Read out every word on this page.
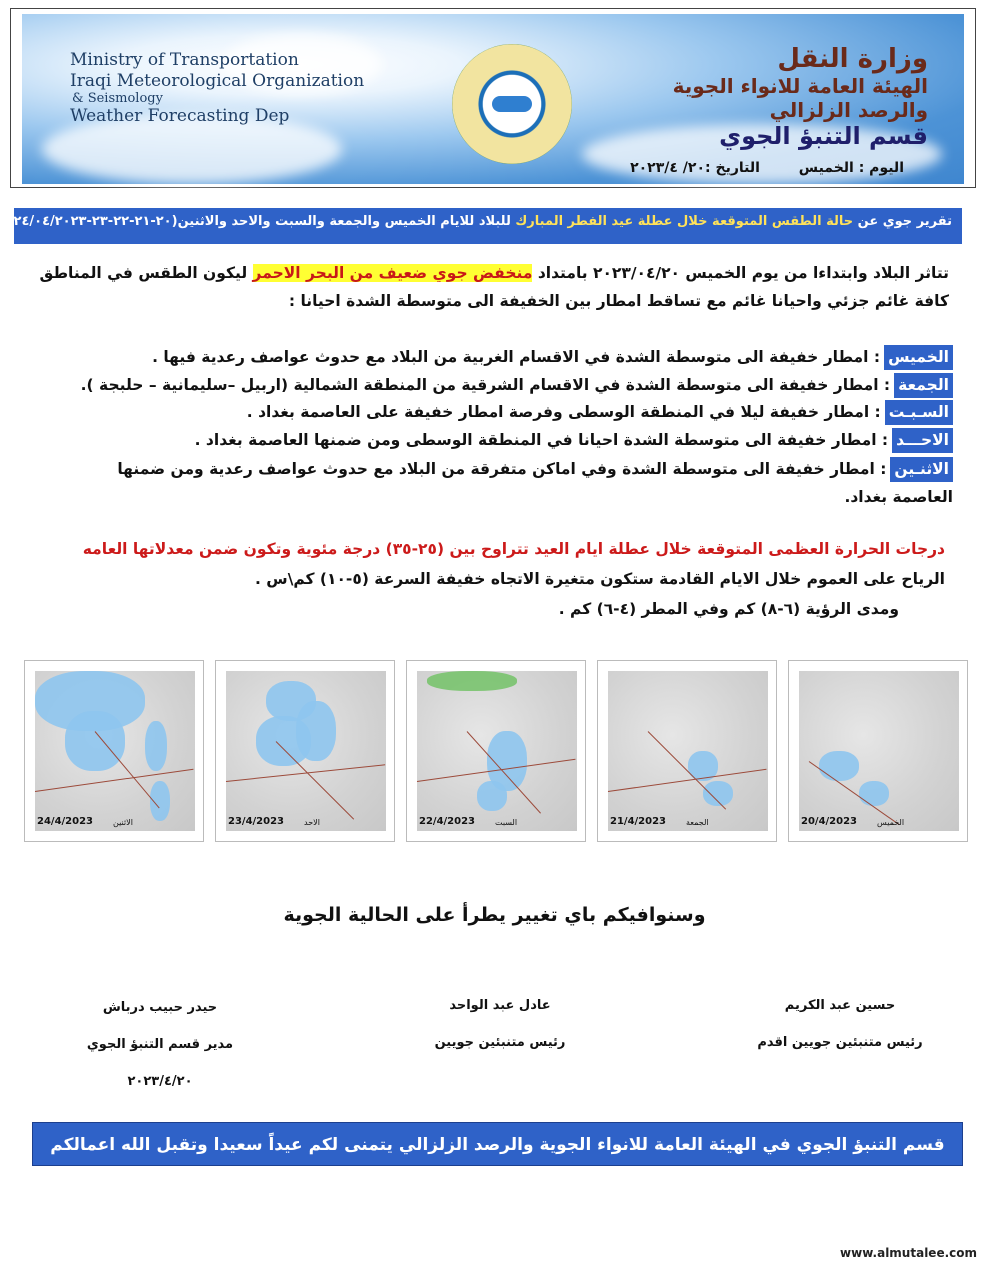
Ministry of Transportation
Iraqi Meteorological Organization
& Seismology
Weather Forecasting Dep
وزارة النقل
الهيئة العامة للانواء الجوية
والرصد الزلزالي
قسم التنبؤ الجوي
اليوم : الخميس التاريخ :٢٠/ ٢٠٢٣/٤
تقرير جوي عن حالة الطقس المتوقعة خلال عطلة عيد الفطر المبارك للبلاد للايام الخميس والجمعة والسبت والاحد والاثنين(٢٠-٢١-٢٢-٢٣-٢٤/٠٤/٢٠٢٣ )
تتاثر البلاد وابتداءا من يوم الخميس ٢٠٢٣/٠٤/٢٠ بامتداد منخفض جوي ضعيف من البحر الاحمر ليكون الطقس في المناطق
كافة غائم جزئي واحيانا غائم مع تساقط امطار بين الخفيفة الى متوسطة الشدة احيانا :
الخميس: امطار خفيفة الى متوسطة الشدة في الاقسام الغربية من البلاد مع حدوث عواصف رعدية فيها .
الجمعة: امطار خفيفة الى متوسطة الشدة في الاقسام الشرقية من المنطقة الشمالية (اربيل –سليمانية – حلبجة ).
السـبـت: امطار خفيفة ليلا في المنطقة الوسطى وفرصة امطار خفيفة على العاصمة بغداد .
الاحـــد: امطار خفيفة الى متوسطة الشدة احيانا في المنطقة الوسطى ومن ضمنها العاصمة بغداد .
الاثنـين: امطار خفيفة الى متوسطة الشدة وفي اماكن متفرقة من البلاد مع حدوث عواصف رعدية ومن ضمنها
العاصمة بغداد.
درجات الحرارة العظمى المتوقعة خلال عطلة ايام العيد تتراوح بين (٢٥-٣٥) درجة مئوية وتكون ضمن معدلاتها العامه
الرياح على العموم خلال الايام القادمة ستكون متغيرة الاتجاه خفيفة السرعة (٥-١٠) كم\س .
ومدى الرؤية (٦-٨) كم وفي المطر (٤-٦) كم .
24/4/2023 الاثنين	23/4/2023 الاحد	22/4/2023 السبت	21/4/2023 الجمعة	20/4/2023 الخميس
وسنوافيكم باي تغيير يطرأ على الحالية الجوية
حيدر حبيب درباش
مدير قسم التنبؤ الجوي
٢٠٢٣/٤/٢٠
عادل عبد الواحد
رئيس متنبئين جويين
حسين عبد الكريم
رئيس متنبئين جويين اقدم
قسم التنبؤ الجوي في الهيئة العامة للانواء الجوية والرصد الزلزالي يتمنى لكم عيداً سعيدا وتقبل الله اعمالكم
www.almutalee.com
